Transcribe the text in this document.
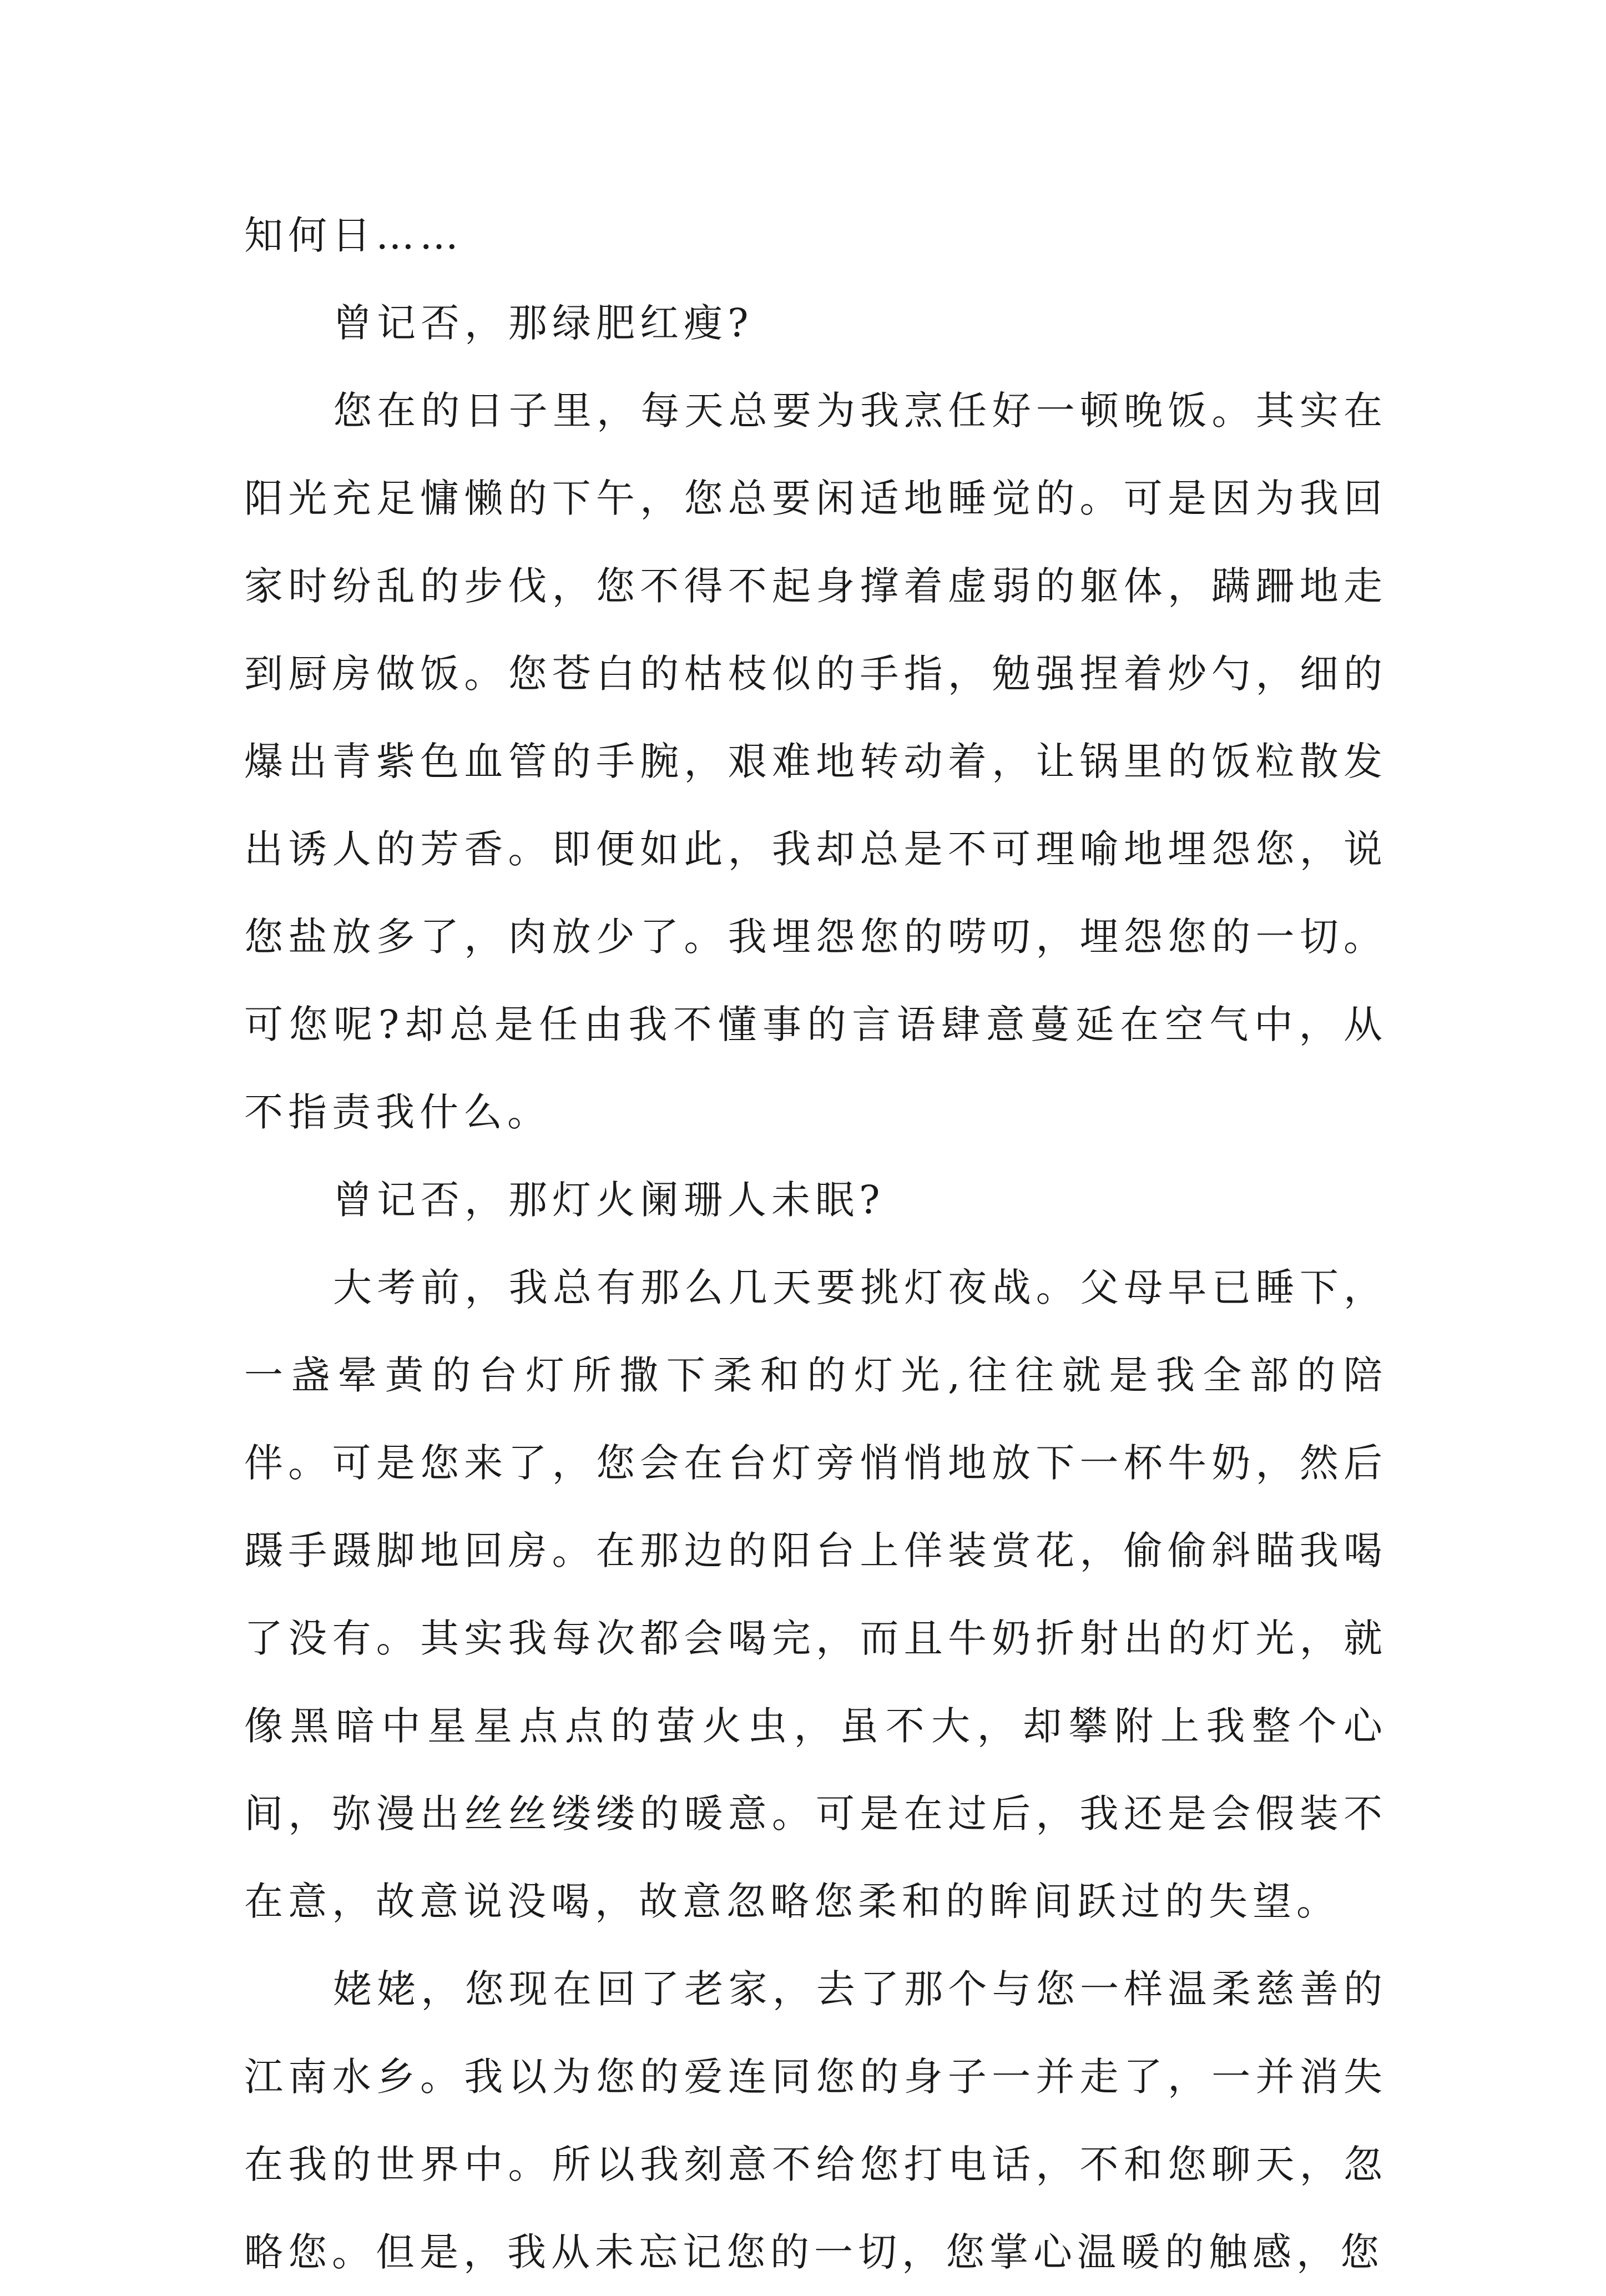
知何日……

曾记否，那绿肥红瘦?

您在的日子里，每天总要为我烹任好一顿晚饭。其实在阳光充足慵懒的下午，您总要闲适地睡觉的。可是因为我回家时纷乱的步伐，您不得不起身撑着虚弱的躯体，蹒跚地走到厨房做饭。您苍白的枯枝似的手指，勉强捏着炒勺，细的爆出青紫色血管的手腕，艰难地转动着，让锅里的饭粒散发出诱人的芳香。即便如此，我却总是不可理喻地埋怨您，说您盐放多了，肉放少了。我埋怨您的唠叨，埋怨您的一切。可您呢?却总是任由我不懂事的言语肆意蔓延在空气中，从不指责我什么。

曾记否，那灯火阑珊人未眠?

大考前，我总有那么几天要挑灯夜战。父母早已睡下，一盏晕黄的台灯所撒下柔和的灯光,往往就是我全部的陪伴。可是您来了，您会在台灯旁悄悄地放下一杯牛奶，然后蹑手蹑脚地回房。在那边的阳台上佯装赏花，偷偷斜瞄我喝了没有。其实我每次都会喝完，而且牛奶折射出的灯光，就像黑暗中星星点点的萤火虫，虽不大，却攀附上我整个心间，弥漫出丝丝缕缕的暖意。可是在过后，我还是会假装不在意，故意说没喝，故意忽略您柔和的眸间跃过的失望。

姥姥，您现在回了老家，去了那个与您一样温柔慈善的江南水乡。我以为您的爱连同您的身子一并走了，一并消失在我的世界中。所以我刻意不给您打电话，不和您聊天，忽略您。但是，我从未忘记您的一切，您掌心温暖的触感，您
